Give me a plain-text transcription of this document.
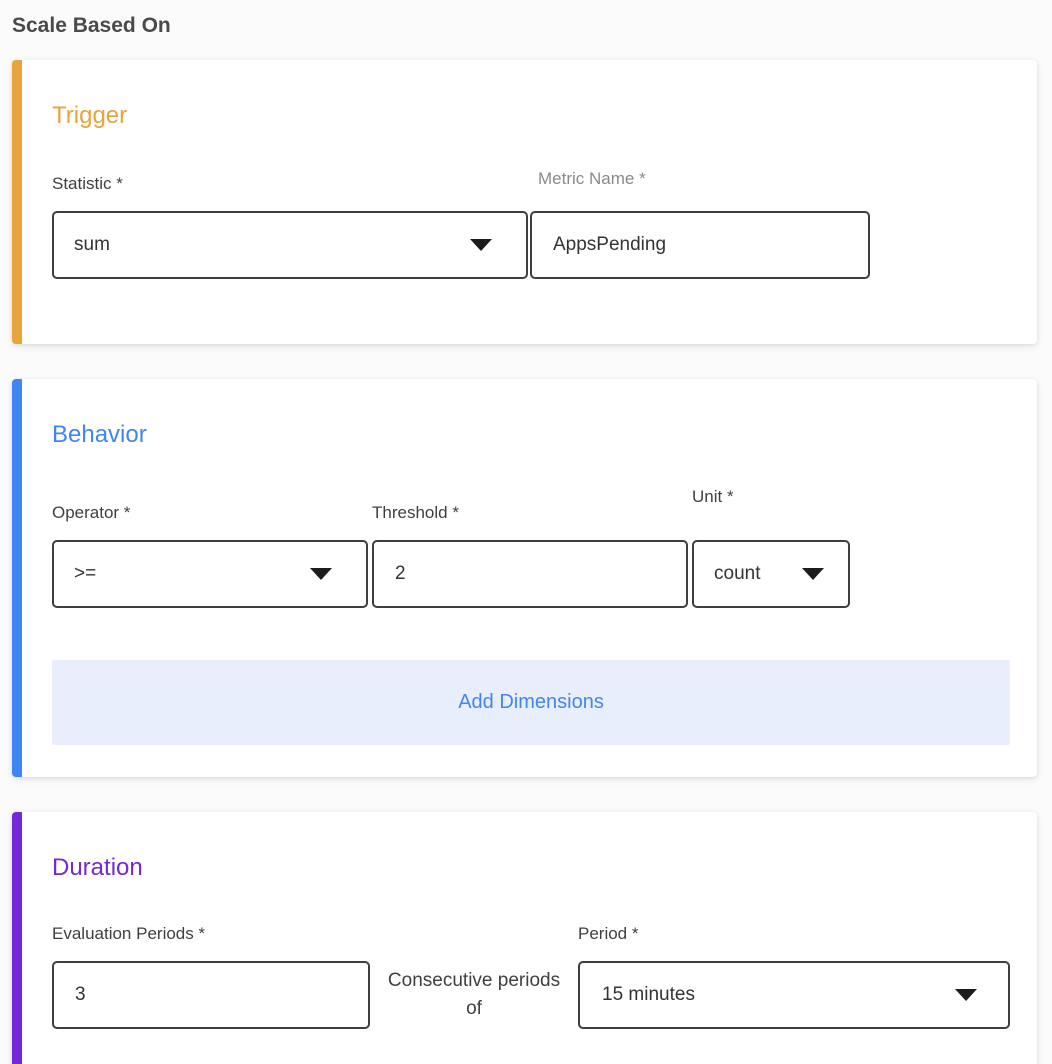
Scale Based On
Trigger
Statistic *
sum
Metric Name *
AppsPending
Behavior
Operator *
>=
Threshold *
2
Unit *
count
Add Dimensions
Duration
Evaluation Periods *
3
Consecutive periods of
Period *
15 minutes
